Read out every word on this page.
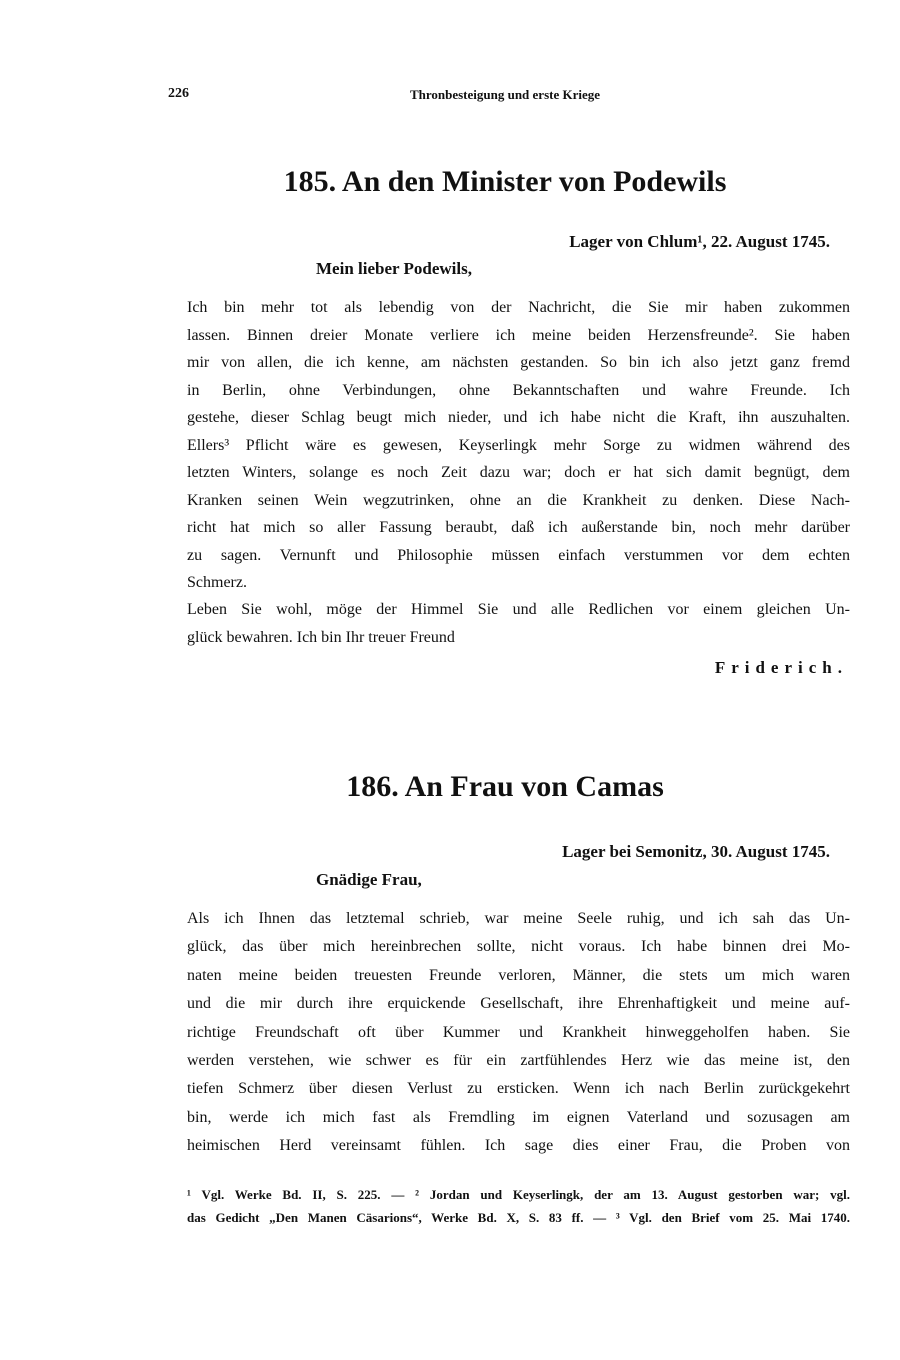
226	Thronbesteigung und erste Kriege
185. An den Minister von Podewils
Lager von Chlum¹, 22. August 1745.
Mein lieber Podewils,
Ich bin mehr tot als lebendig von der Nachricht, die Sie mir haben zukommen
lassen. Binnen dreier Monate verliere ich meine beiden Herzensfreunde². Sie haben
mir von allen, die ich kenne, am nächsten gestanden. So bin ich also jetzt ganz fremd
in Berlin, ohne Verbindungen, ohne Bekanntschaften und wahre Freunde. Ich
gestehe, dieser Schlag beugt mich nieder, und ich habe nicht die Kraft, ihn auszuhalten.
Ellers³ Pflicht wäre es gewesen, Keyserlingk mehr Sorge zu widmen während des
letzten Winters, solange es noch Zeit dazu war; doch er hat sich damit begnügt, dem
Kranken seinen Wein wegzutrinken, ohne an die Krankheit zu denken. Diese Nach-
richt hat mich so aller Fassung beraubt, daß ich außerstande bin, noch mehr darüber
zu sagen. Vernunft und Philosophie müssen einfach verstummen vor dem echten
Schmerz.
Leben Sie wohl, möge der Himmel Sie und alle Redlichen vor einem gleichen Un-
glück bewahren. Ich bin Ihr treuer Freund
Friderich.
186. An Frau von Camas
Lager bei Semonitz, 30. August 1745.
Gnädige Frau,
Als ich Ihnen das letztemal schrieb, war meine Seele ruhig, und ich sah das Un-
glück, das über mich hereinbrechen sollte, nicht voraus. Ich habe binnen drei Mo-
naten meine beiden treuesten Freunde verloren, Männer, die stets um mich waren
und die mir durch ihre erquickende Gesellschaft, ihre Ehrenhaftigkeit und meine auf-
richtige Freundschaft oft über Kummer und Krankheit hinweggeholfen haben. Sie
werden verstehen, wie schwer es für ein zartfühlendes Herz wie das meine ist, den
tiefen Schmerz über diesen Verlust zu ersticken. Wenn ich nach Berlin zurückgekehrt
bin, werde ich mich fast als Fremdling im eignen Vaterland und sozusagen am
heimischen Herd vereinsamt fühlen. Ich sage dies einer Frau, die Proben von
¹ Vgl. Werke Bd. II, S. 225. — ² Jordan und Keyserlingk, der am 13. August gestorben war; vgl.
das Gedicht „Den Manen Cäsarions“, Werke Bd. X, S. 83 ff. — ³ Vgl. den Brief vom 25. Mai 1740.
